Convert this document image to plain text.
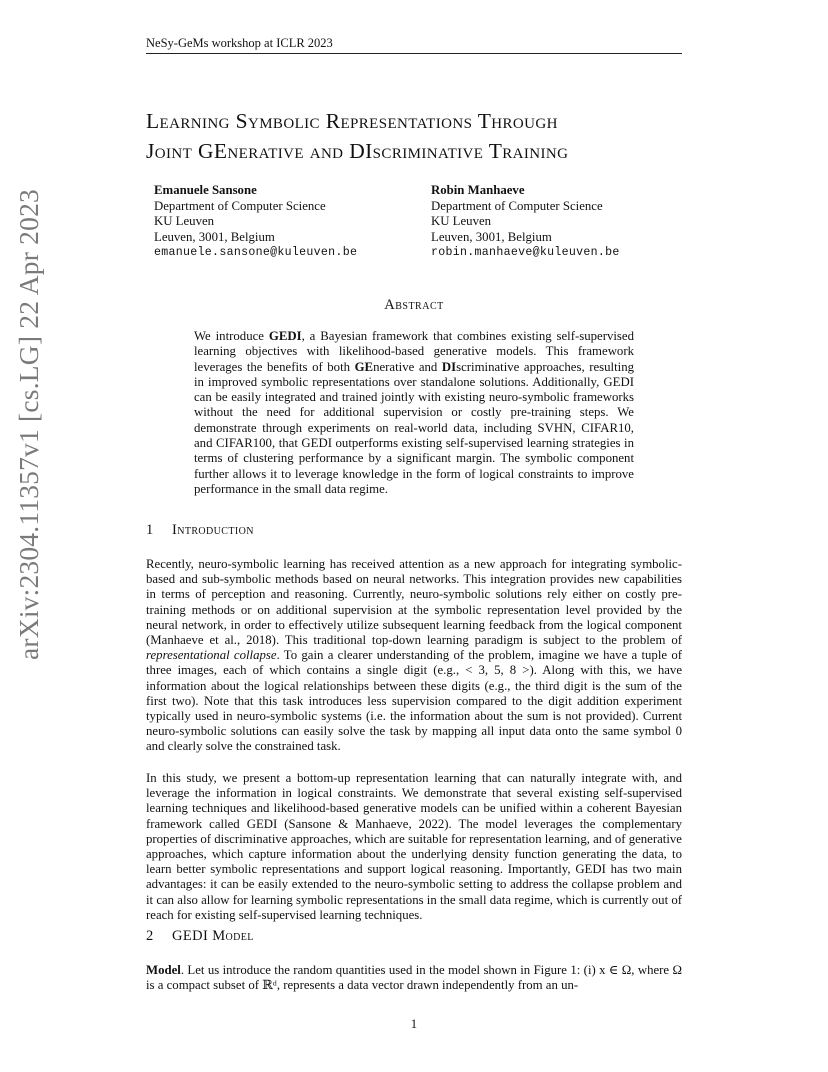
NeSy-GeMs workshop at ICLR 2023
arXiv:2304.11357v1 [cs.LG] 22 Apr 2023
Learning Symbolic Representations Through
Joint GEnerative and DIscriminative Training
Emanuele Sansone
Department of Computer Science
KU Leuven
Leuven, 3001, Belgium
emanuele.sansone@kuleuven.be
Robin Manhaeve
Department of Computer Science
KU Leuven
Leuven, 3001, Belgium
robin.manhaeve@kuleuven.be
Abstract
We introduce GEDI, a Bayesian framework that combines existing self-supervised learning objectives with likelihood-based generative models. This framework leverages the benefits of both GEnerative and DIscriminative approaches, resulting in improved symbolic representations over standalone solutions. Additionally, GEDI can be easily integrated and trained jointly with existing neuro-symbolic frameworks without the need for additional supervision or costly pre-training steps. We demonstrate through experiments on real-world data, including SVHN, CIFAR10, and CIFAR100, that GEDI outperforms existing self-supervised learning strategies in terms of clustering performance by a significant margin. The symbolic component further allows it to leverage knowledge in the form of logical constraints to improve performance in the small data regime.
1 Introduction
Recently, neuro-symbolic learning has received attention as a new approach for integrating symbolic-based and sub-symbolic methods based on neural networks. This integration provides new capabilities in terms of perception and reasoning. Currently, neuro-symbolic solutions rely either on costly pre-training methods or on additional supervision at the symbolic representation level provided by the neural network, in order to effectively utilize subsequent learning feedback from the logical component (Manhaeve et al., 2018). This traditional top-down learning paradigm is subject to the problem of representational collapse. To gain a clearer understanding of the problem, imagine we have a tuple of three images, each of which contains a single digit (e.g., < 3, 5, 8 >). Along with this, we have information about the logical relationships between these digits (e.g., the third digit is the sum of the first two). Note that this task introduces less supervision compared to the digit addition experiment typically used in neuro-symbolic systems (i.e. the information about the sum is not provided). Current neuro-symbolic solutions can easily solve the task by mapping all input data onto the same symbol 0 and clearly solve the constrained task.
In this study, we present a bottom-up representation learning that can naturally integrate with, and leverage the information in logical constraints. We demonstrate that several existing self-supervised learning techniques and likelihood-based generative models can be unified within a coherent Bayesian framework called GEDI (Sansone & Manhaeve, 2022). The model leverages the complementary properties of discriminative approaches, which are suitable for representation learning, and of generative approaches, which capture information about the underlying density function generating the data, to learn better symbolic representations and support logical reasoning. Importantly, GEDI has two main advantages: it can be easily extended to the neuro-symbolic setting to address the collapse problem and it can also allow for learning symbolic representations in the small data regime, which is currently out of reach for existing self-supervised learning techniques.
2 GEDI Model
Model. Let us introduce the random quantities used in the model shown in Figure 1: (i) x ∈ Ω, where Ω is a compact subset of ℝᵈ, represents a data vector drawn independently from an un-
1
